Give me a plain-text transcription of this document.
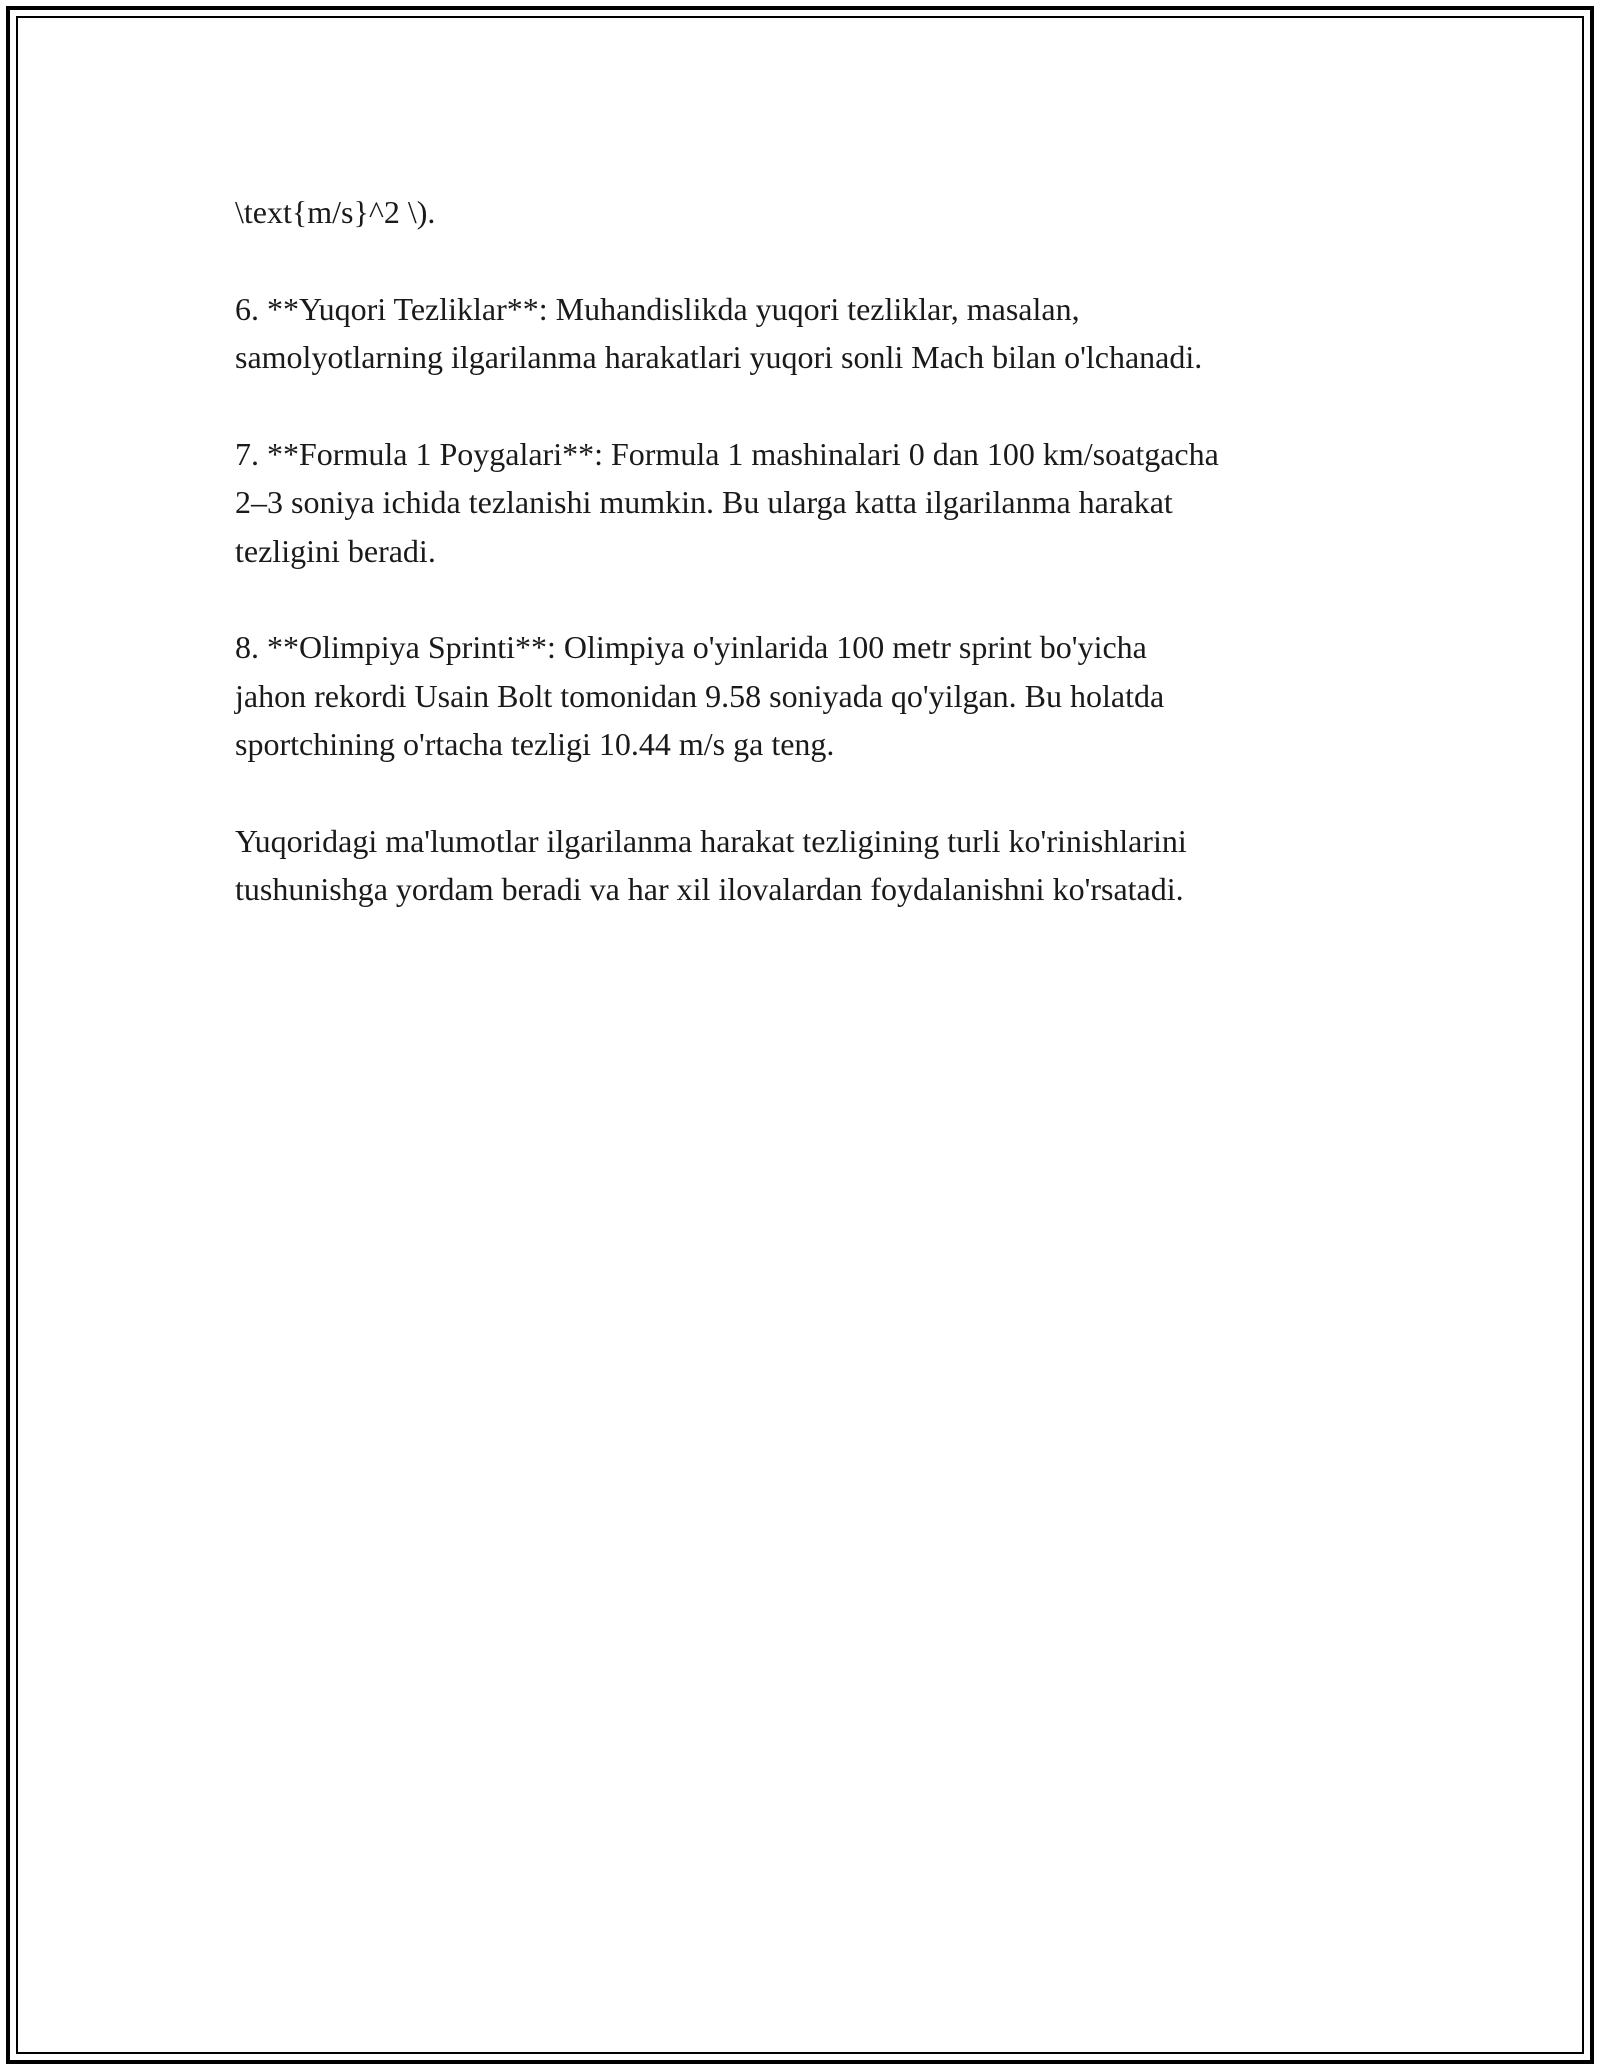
\text{m/s}^2 \).

6. **Yuqori Tezliklar**: Muhandislikda yuqori tezliklar, masalan,
samolyotlarning ilgarilanma harakatlari yuqori sonli Mach bilan o'lchanadi.

7. **Formula 1 Poygalari**: Formula 1 mashinalari 0 dan 100 km/soatgacha
2–3 soniya ichida tezlanishi mumkin. Bu ularga katta ilgarilanma harakat
tezligini beradi.

8. **Olimpiya Sprinti**: Olimpiya o'yinlarida 100 metr sprint bo'yicha
jahon rekordi Usain Bolt tomonidan 9.58 soniyada qo'yilgan. Bu holatda
sportchining o'rtacha tezligi 10.44 m/s ga teng.

Yuqoridagi ma'lumotlar ilgarilanma harakat tezligining turli ko'rinishlarini
tushunishga yordam beradi va har xil ilovalardan foydalanishni ko'rsatadi.
